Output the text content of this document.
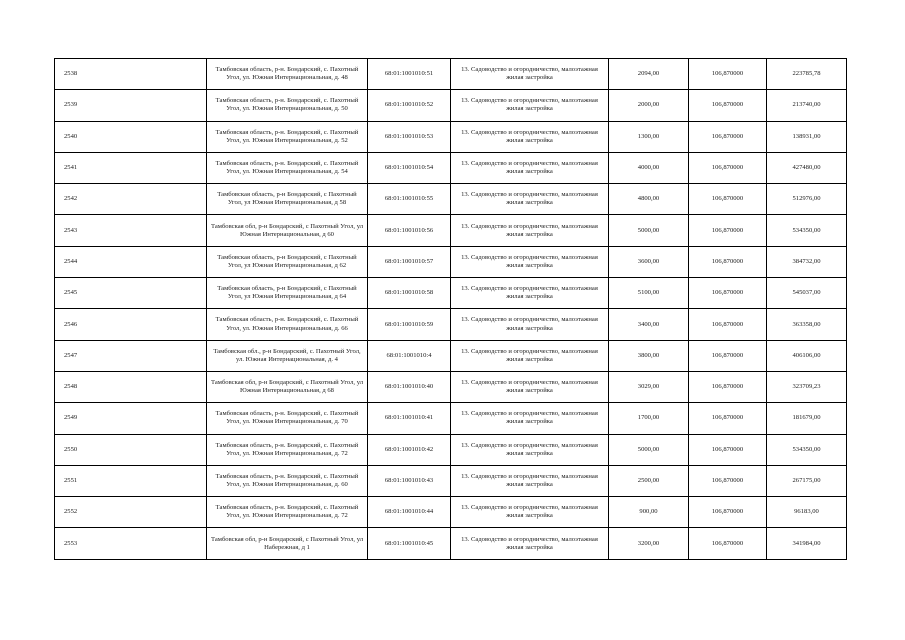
2538	Тамбовская область, р-н. Бондарский, с. Пахотный Угол, ул. Южная Интернациональная, д. 48	68:01:1001010:51	13. Садоводство и огородничество, малоэтажная жилая застройка	2094,00	106,870000	223785,78
2539	Тамбовская область, р-н. Бондарский, с. Пахотный Угол, ул. Южная Интернациональная, д. 50	68:01:1001010:52	13. Садоводство и огородничество, малоэтажная жилая застройка	2000,00	106,870000	213740,00
2540	Тамбовская область, р-н. Бондарский, с. Пахотный Угол, ул. Южная Интернациональная, д. 52	68:01:1001010:53	13. Садоводство и огородничество, малоэтажная жилая застройка	1300,00	106,870000	138931,00
2541	Тамбовская область, р-н. Бондарский, с. Пахотный Угол, ул. Южная Интернациональная, д. 54	68:01:1001010:54	13. Садоводство и огородничество, малоэтажная жилая застройка	4000,00	106,870000	427480,00
2542	Тамбовская область, р-н Бондарский, с Пахотный Угол, ул Южная Интернациональная, д 58	68:01:1001010:55	13. Садоводство и огородничество, малоэтажная жилая застройка	4800,00	106,870000	512976,00
2543	Тамбовская обл, р-н Бондарский, с Пахотный Угол, ул Южная Интернациональная, д 60	68:01:1001010:56	13. Садоводство и огородничество, малоэтажная жилая застройка	5000,00	106,870000	534350,00
2544	Тамбовская область, р-н Бондарский, с Пахотный Угол, ул Южная Интернациональная, д 62	68:01:1001010:57	13. Садоводство и огородничество, малоэтажная жилая застройка	3600,00	106,870000	384732,00
2545	Тамбовская область, р-н Бондарский, с Пахотный Угол, ул Южная Интернациональная, д 64	68:01:1001010:58	13. Садоводство и огородничество, малоэтажная жилая застройка	5100,00	106,870000	545037,00
2546	Тамбовская область, р-н. Бондарский, с. Пахотный Угол, ул. Южная Интернациональная, д. 66	68:01:1001010:59	13. Садоводство и огородничество, малоэтажная жилая застройка	3400,00	106,870000	363358,00
2547	Тамбовская обл., р-н Бондарский, с. Пахотный Угол, ул. Южная Интернациональная, д. 4	68:01:1001010:4	13. Садоводство и огородничество, малоэтажная жилая застройка	3800,00	106,870000	406106,00
2548	Тамбовская обл, р-н Бондарский, с Пахотный Угол, ул Южная Интернациональная, д 68	68:01:1001010:40	13. Садоводство и огородничество, малоэтажная жилая застройка	3029,00	106,870000	323709,23
2549	Тамбовская область, р-н. Бондарский, с. Пахотный Угол, ул. Южная Интернациональная, д. 70	68:01:1001010:41	13. Садоводство и огородничество, малоэтажная жилая застройка	1700,00	106,870000	181679,00
2550	Тамбовская область, р-н. Бондарский, с. Пахотный Угол, ул. Южная Интернациональная, д. 72	68:01:1001010:42	13. Садоводство и огородничество, малоэтажная жилая застройка	5000,00	106,870000	534350,00
2551	Тамбовская область, р-н. Бондарский, с. Пахотный Угол, ул. Южная Интернациональная, д. 60	68:01:1001010:43	13. Садоводство и огородничество, малоэтажная жилая застройка	2500,00	106,870000	267175,00
2552	Тамбовская область, р-н. Бондарский, с. Пахотный Угол, ул. Южная Интернациональная, д. 72	68:01:1001010:44	13. Садоводство и огородничество, малоэтажная жилая застройка	900,00	106,870000	96183,00
2553	Тамбовская обл, р-н Бондарский, с Пахотный Угол, ул Набережная, д 1	68:01:1001010:45	13. Садоводство и огородничество, малоэтажная жилая застройка	3200,00	106,870000	341984,00
